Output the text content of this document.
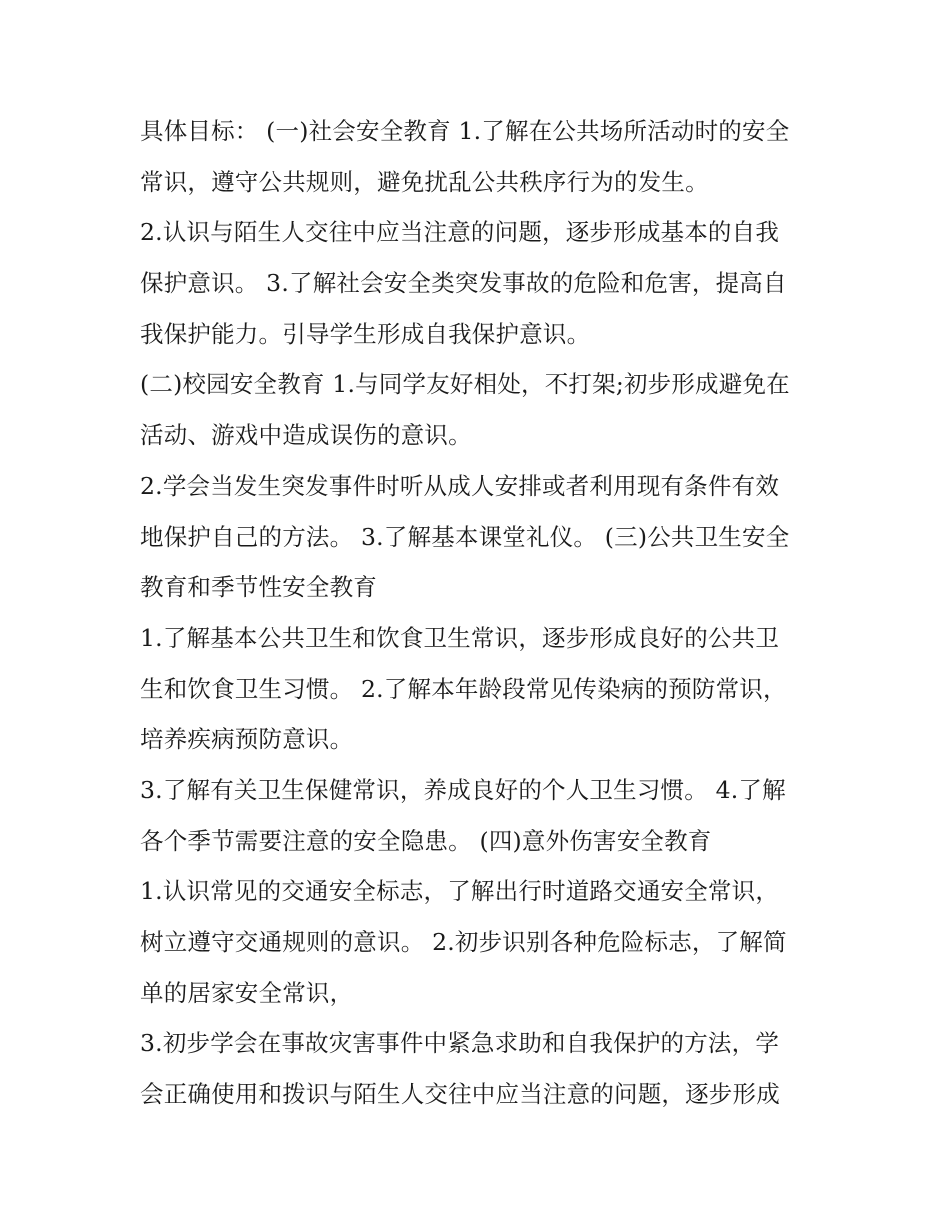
具体目标： (一)社会安全教育 1.了解在公共场所活动时的安全
常识，遵守公共规则，避免扰乱公共秩序行为的发生。
2.认识与陌生人交往中应当注意的问题，逐步形成基本的自我
保护意识。 3.了解社会安全类突发事故的危险和危害，提高自
我保护能力。引导学生形成自我保护意识。
(二)校园安全教育 1.与同学友好相处，不打架;初步形成避免在
活动、游戏中造成误伤的意识。
2.学会当发生突发事件时听从成人安排或者利用现有条件有效
地保护自己的方法。 3.了解基本课堂礼仪。 (三)公共卫生安全
教育和季节性安全教育
1.了解基本公共卫生和饮食卫生常识，逐步形成良好的公共卫
生和饮食卫生习惯。 2.了解本年龄段常见传染病的预防常识，
培养疾病预防意识。
3.了解有关卫生保健常识，养成良好的个人卫生习惯。 4.了解
各个季节需要注意的安全隐患。 (四)意外伤害安全教育
1.认识常见的交通安全标志，了解出行时道路交通安全常识，
树立遵守交通规则的意识。 2.初步识别各种危险标志，了解简
单的居家安全常识，
3.初步学会在事故灾害事件中紧急求助和自我保护的方法，学
会正确使用和拨识与陌生人交往中应当注意的问题，逐步形成
